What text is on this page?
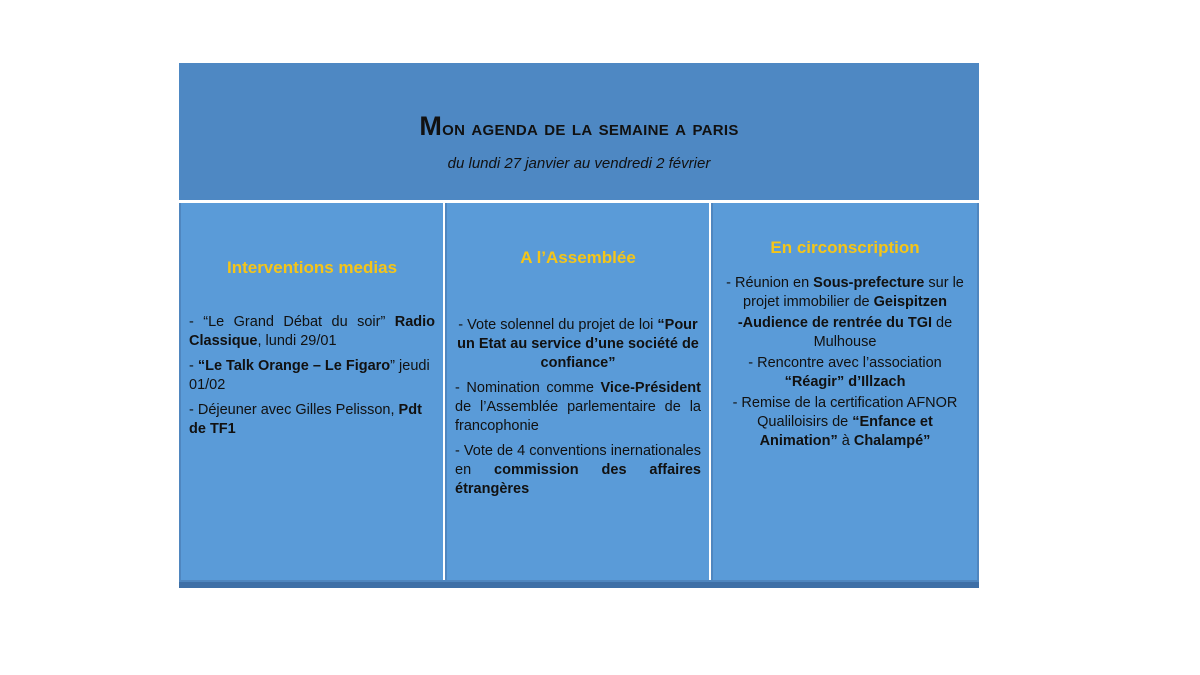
Mon agenda de la semaine a paris
du lundi 27 janvier au vendredi 2 février
Interventions medias
- “Le Grand Débat du soir” Radio Classique, lundi 29/01
- “Le Talk Orange – Le Figaro” jeudi 01/02
- Déjeuner avec Gilles Pelisson, Pdt de TF1
A l’Assemblée
- Vote solennel du projet de loi “Pour un Etat au service d’une société de confiance”
- Nomination comme Vice-Président de l’Assemblée parlementaire de la francophonie
- Vote de 4 conventions inernationales en commission des affaires étrangères
En circonscription
- Réunion en Sous-prefecture sur le projet immobilier de Geispitzen
-Audience de rentrée du TGI de Mulhouse
- Rencontre avec l’association “Réagir” d’Illzach
- Remise de la certification AFNOR Qualiloisirs de “Enfance et Animation” à Chalampé”
